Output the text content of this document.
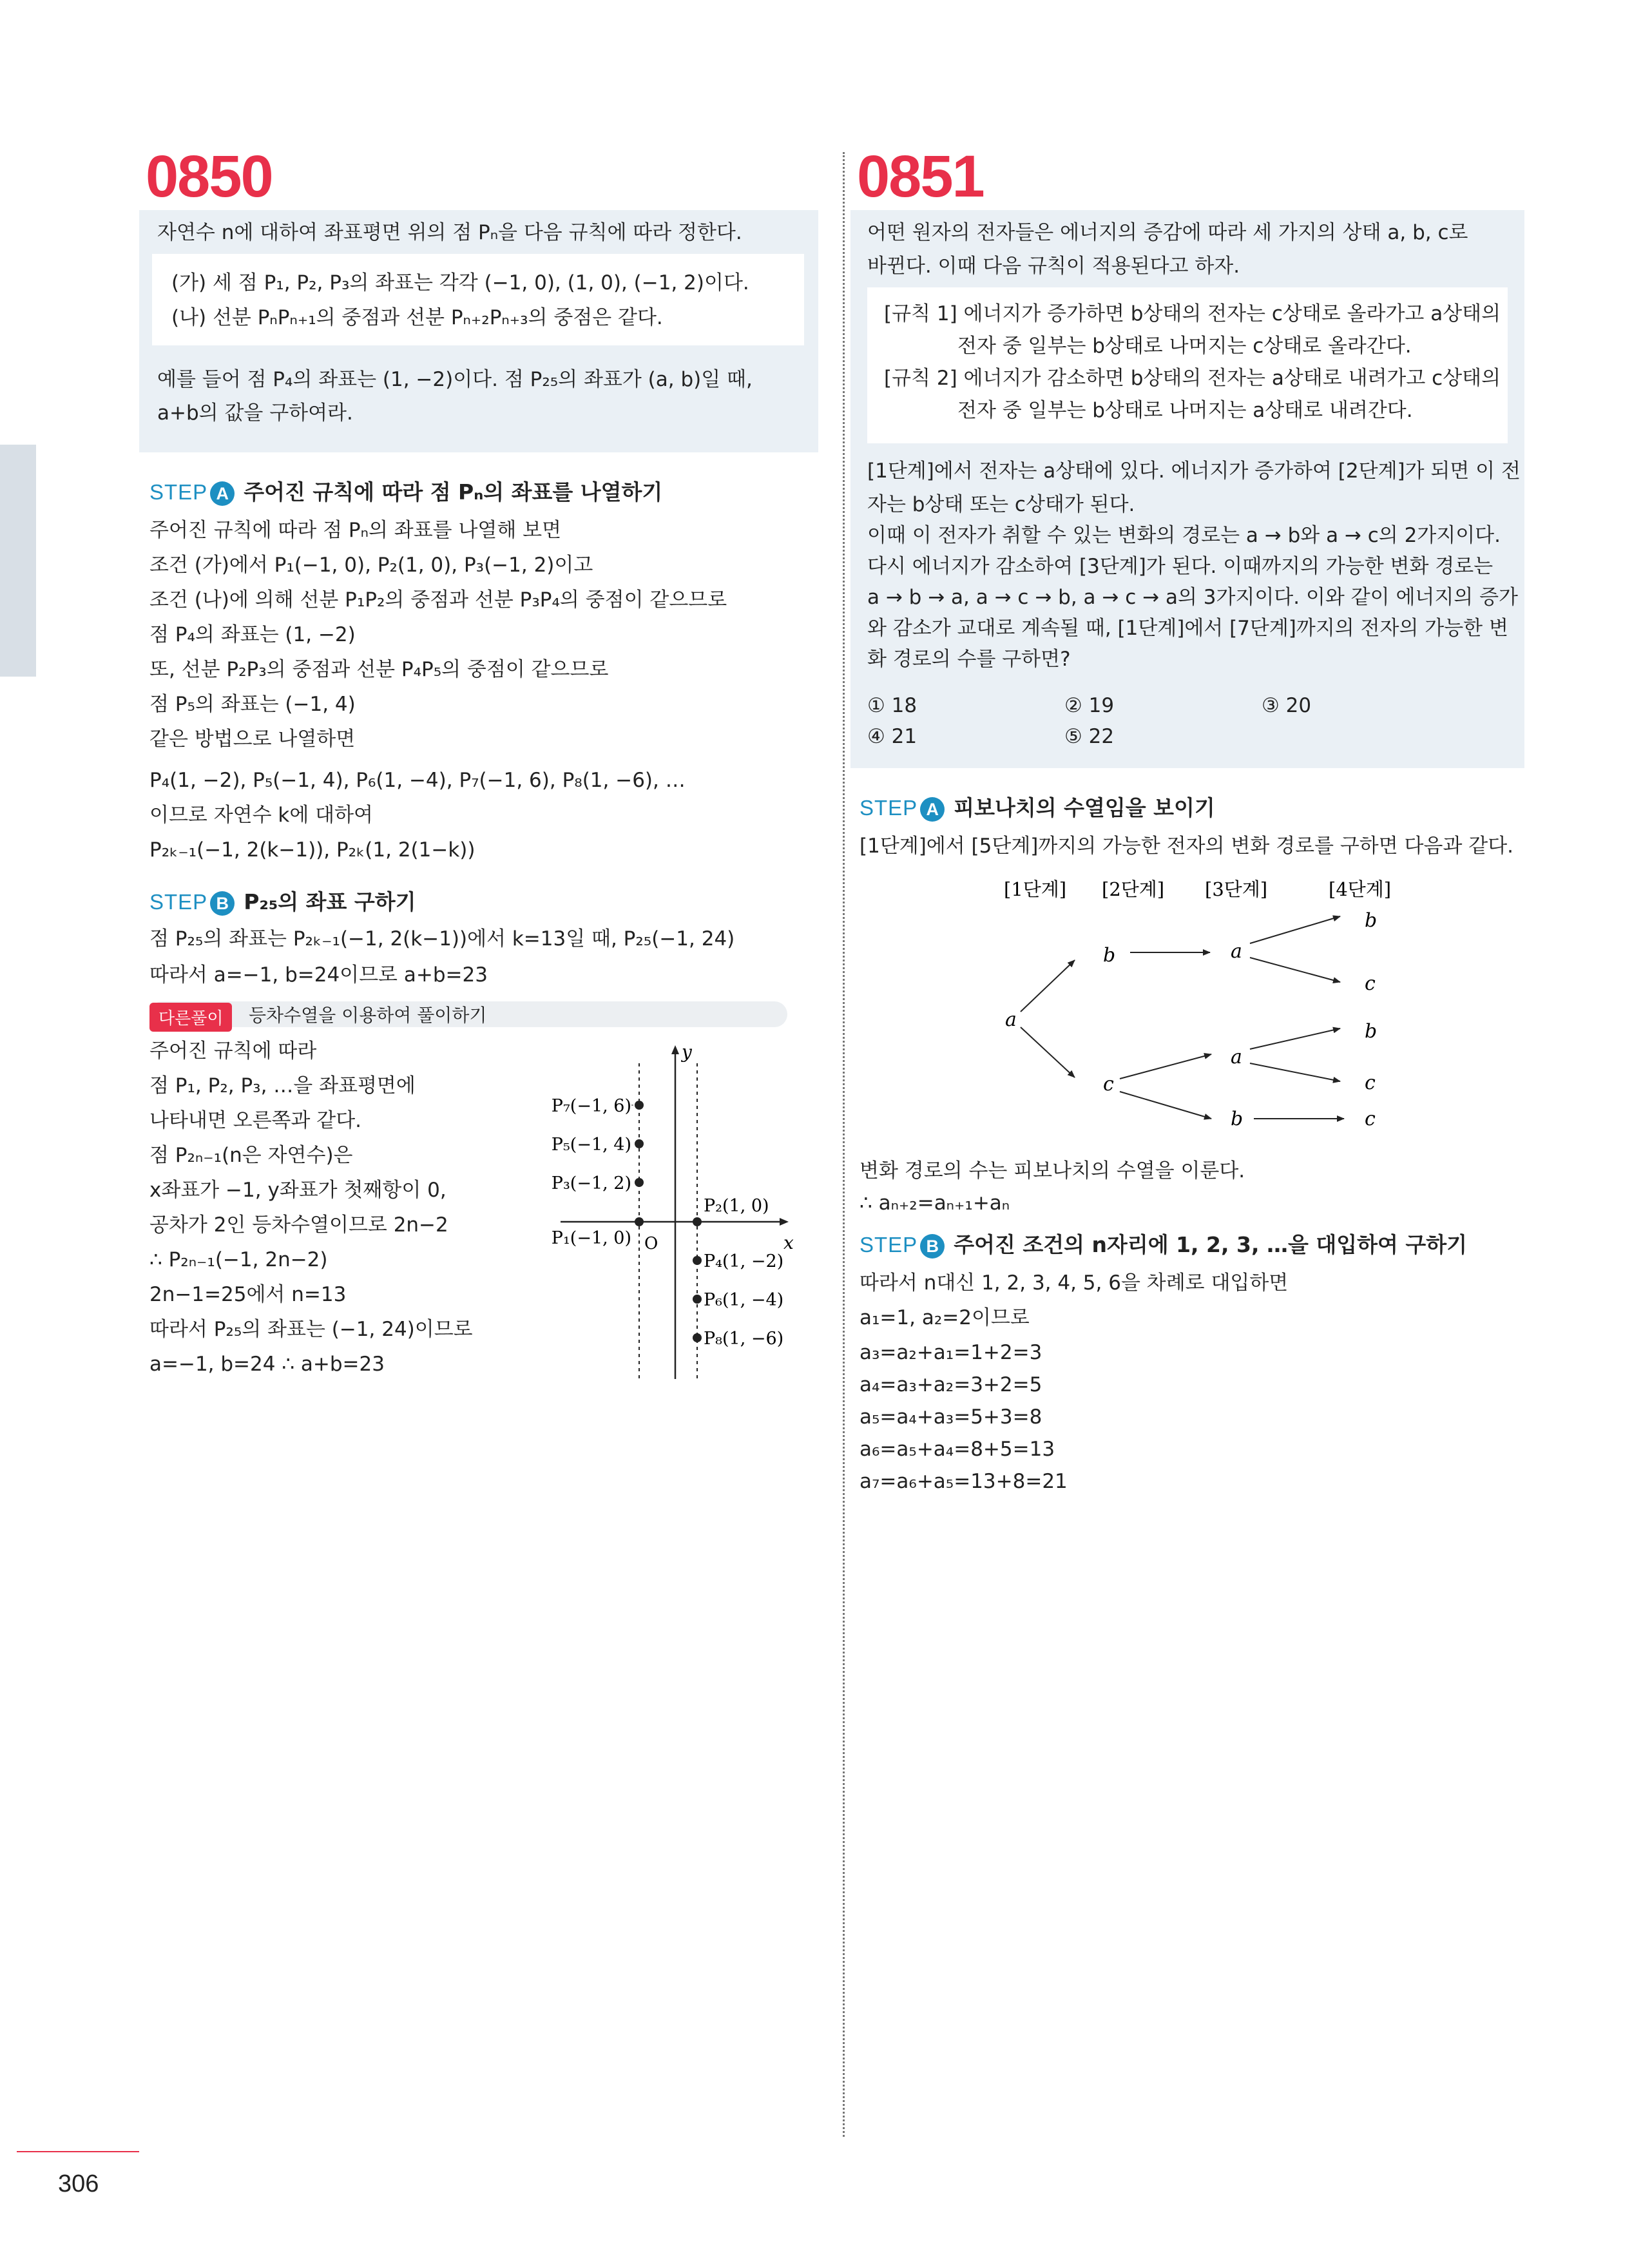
0850
자연수 n에 대하여 좌표평면 위의 점 Pₙ을 다음 규칙에 따라 정한다.
(가) 세 점 P₁, P₂, P₃의 좌표는 각각 (−1, 0), (1, 0), (−1, 2)이다.
(나) 선분 PₙPₙ₊₁의 중점과 선분 Pₙ₊₂Pₙ₊₃의 중점은 같다.
예를 들어 점 P₄의 좌표는 (1, −2)이다. 점 P₂₅의 좌표가 (a, b)일 때,
a+b의 값을 구하여라.
STEP A 주어진 규칙에 따라 점 Pₙ의 좌표를 나열하기
주어진 규칙에 따라 점 Pₙ의 좌표를 나열해 보면
조건 (가)에서 P₁(−1, 0), P₂(1, 0), P₃(−1, 2)이고
조건 (나)에 의해 선분 P₁P₂의 중점과 선분 P₃P₄의 중점이 같으므로
점 P₄의 좌표는 (1, −2)
또, 선분 P₂P₃의 중점과 선분 P₄P₅의 중점이 같으므로
점 P₅의 좌표는 (−1, 4)
같은 방법으로 나열하면
P₄(1, −2), P₅(−1, 4), P₆(1, −4), P₇(−1, 6), P₈(1, −6), …
이므로 자연수 k에 대하여
P₂ₖ₋₁(−1, 2(k−1)), P₂ₖ(1, 2(1−k))
STEP B P₂₅의 좌표 구하기
점 P₂₅의 좌표는 P₂ₖ₋₁(−1, 2(k−1))에서 k=13일 때, P₂₅(−1, 24)
따라서 a=−1, b=24이므로 a+b=23
다른풀이	등차수열을 이용하여 풀이하기
주어진 규칙에 따라
점 P₁, P₂, P₃, …을 좌표평면에
나타내면 오른쪽과 같다.
점 P₂ₙ₋₁(n은 자연수)은
x좌표가 −1, y좌표가 첫째항이 0,
공차가 2인 등차수열이므로 2n−2
∴ P₂ₙ₋₁(−1, 2n−2)
2n−1=25에서 n=13
따라서 P₂₅의 좌표는 (−1, 24)이므로
a=−1, b=24 ∴ a+b=23
y
x
O
P₇(−1, 6)
P₅(−1, 4)
P₃(−1, 2)
P₁(−1, 0)
P₂(1, 0)
P₄(1, −2)
P₆(1, −4)
P₈(1, −6)
0851
어떤 원자의 전자들은 에너지의 증감에 따라 세 가지의 상태 a, b, c로
바뀐다. 이때 다음 규칙이 적용된다고 하자.
[규칙 1] 에너지가 증가하면 b상태의 전자는 c상태로 올라가고 a상태의
전자 중 일부는 b상태로 나머지는 c상태로 올라간다.
[규칙 2] 에너지가 감소하면 b상태의 전자는 a상태로 내려가고 c상태의
전자 중 일부는 b상태로 나머지는 a상태로 내려간다.
[1단계]에서 전자는 a상태에 있다. 에너지가 증가하여 [2단계]가 되면 이 전
자는 b상태 또는 c상태가 된다.
이때 이 전자가 취할 수 있는 변화의 경로는 a → b와 a → c의 2가지이다.
다시 에너지가 감소하여 [3단계]가 된다. 이때까지의 가능한 변화 경로는
a → b → a, a → c → b, a → c → a의 3가지이다. 이와 같이 에너지의 증가
와 감소가 교대로 계속될 때, [1단계]에서 [7단계]까지의 전자의 가능한 변
화 경로의 수를 구하면?
① 18	② 19	③ 20
④ 21	⑤ 22
STEP A 피보나치의 수열임을 보이기
[1단계]에서 [5단계]까지의 가능한 전자의 변화 경로를 구하면 다음과 같다.
[1단계] [2단계] [3단계]	[4단계]
a
b
c
a
a
b
b
c
b
c
c
변화 경로의 수는 피보나치의 수열을 이룬다.
∴ aₙ₊₂=aₙ₊₁+aₙ
STEP B 주어진 조건의 n자리에 1, 2, 3, …을 대입하여 구하기
따라서 n대신 1, 2, 3, 4, 5, 6을 차례로 대입하면
a₁=1, a₂=2이므로
a₃=a₂+a₁=1+2=3
a₄=a₃+a₂=3+2=5
a₅=a₄+a₃=5+3=8
a₆=a₅+a₄=8+5=13
a₇=a₆+a₅=13+8=21
306
